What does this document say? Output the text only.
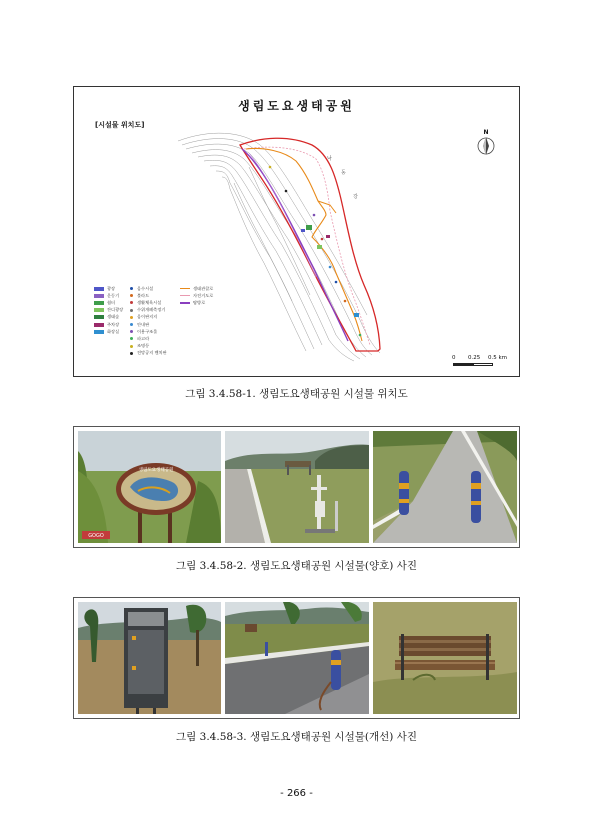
생림도요생태공원
[시설물 위치도]
낙
동
강
N
광장
운동기
쉼터
잔디광장
생태숲
주차장
화장실
음수시설
볼라드
생활체육시설
수위개폐측정기
음이판지지
안내판
이용구조물
파고라
조명등
전망공지 벤치판
생태관찰로
자전거도로
탐방로
0 0.25 0.5 km
그림 3.4.58-1. 생림도요생태공원 시설물 위치도
GOGO
생림도요생태공원
그림 3.4.58-2. 생림도요생태공원 시설물(양호) 사진
그림 3.4.58-3. 생림도요생태공원 시설물(개선) 사진
- 266 -
